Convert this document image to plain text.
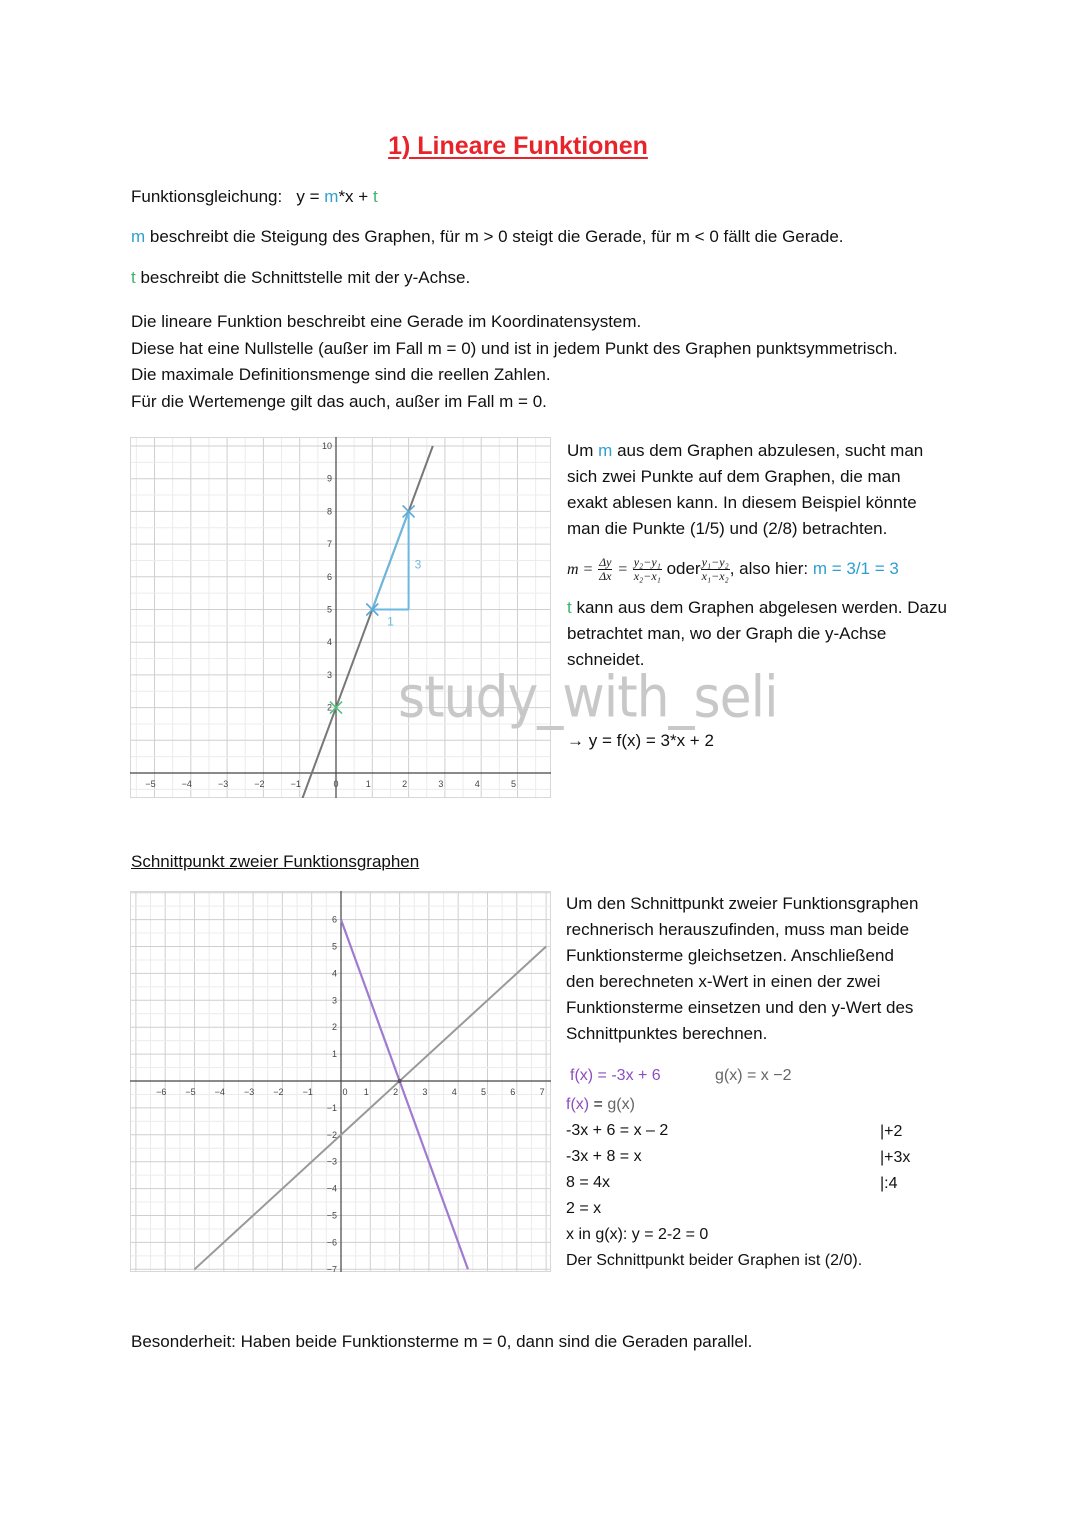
1) Lineare Funktionen
Funktionsgleichung: y = m*x + t
m beschreibt die Steigung des Graphen, für m > 0 steigt die Gerade, für m < 0 fällt die Gerade.
t beschreibt die Schnittstelle mit der y-Achse.
Die lineare Funktion beschreibt eine Gerade im Koordinatensystem.
Diese hat eine Nullstelle (außer im Fall m = 0) und ist in jedem Punkt des Graphen punktsymmetrisch.
Die maximale Definitionsmenge sind die reellen Zahlen.
Für die Wertemenge gilt das auch, außer im Fall m = 0.
−5	−4	−3	−2	−1	0	1	2	3	4	5
2
3
4
5
6
7
8
9
10
1
3
Um m aus dem Graphen abzulesen, sucht man
sich zwei Punkte auf dem Graphen, die man
exakt ablesen kann. In diesem Beispiel könnte
man die Punkte (1/5) und (2/8) betrachten.
$m = \frac{\Delta y}{\Delta x} = \frac{\text{y₂−y₁}}{\text{x₂−x₁}}$ oder $\frac{\text{y₁−y₂}}{\text{x₁−x₂}}$ , also hier: m = 3/1 = 3
t kann aus dem Graphen abgelesen werden. Dazu
betrachtet man, wo der Graph die y-Achse
schneidet.
study_with_seli
→ y = f(x) = 3*x + 2
Schnittpunkt zweier Funktionsgraphen
−6 −5 −4 −3 −2 −1	0 1	2	3	4	5	6	7
−7
−6
−5
−4
−3
−2
−1
1
2
3
4
5
6
Um den Schnittpunkt zweier Funktionsgraphen
rechnerisch herauszufinden, muss man beide
Funktionsterme gleichsetzen. Anschließend
den berechneten x-Wert in einen der zwei
Funktionsterme einsetzen und den y-Wert des
Schnittpunktes berechnen.
f(x) = -3x + 6	g(x) = x −2
f(x) = g(x)
-3x + 6 = x – 2
-3x + 8 = x
8 = 4x
2 = x
x in g(x): y = 2-2 = 0
Der Schnittpunkt beider Graphen ist (2/0).
|+2
|+3x
|:4
Besonderheit: Haben beide Funktionsterme m = 0, dann sind die Geraden parallel.
